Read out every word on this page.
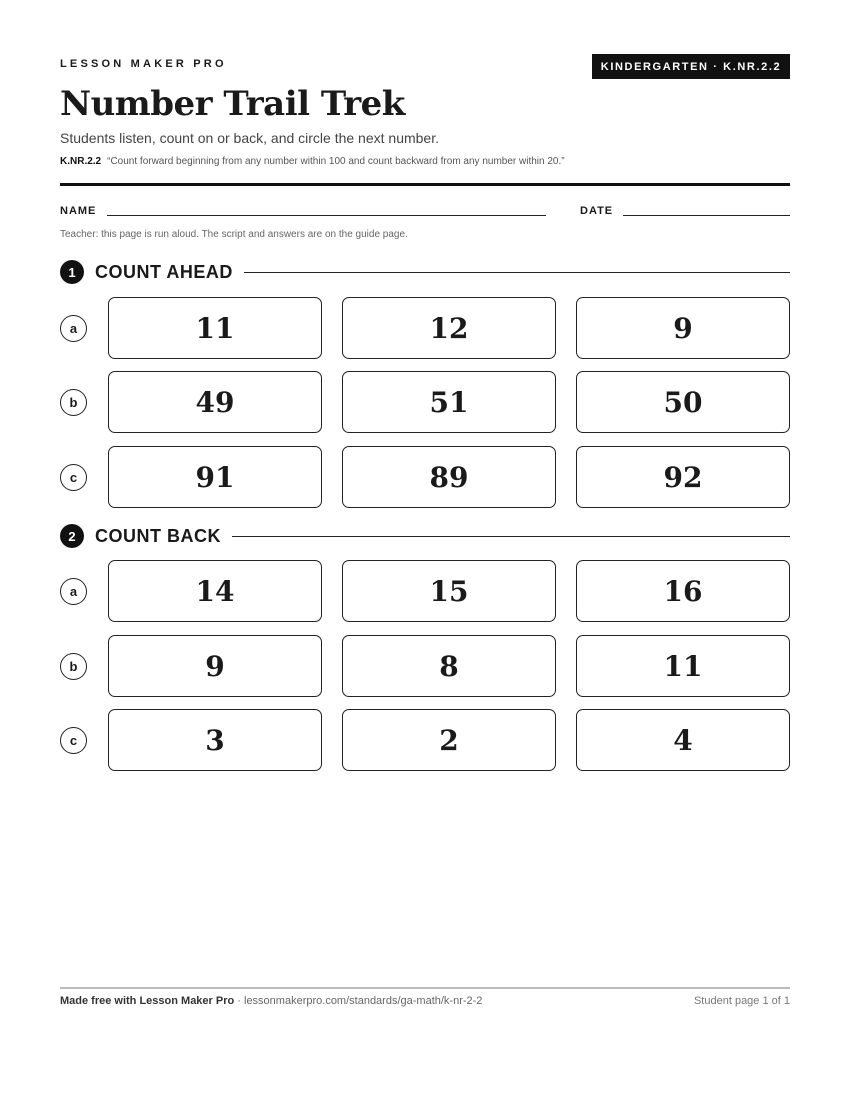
LESSON MAKER PRO	KINDERGARTEN · K.NR.2.2
Number Trail Trek
Students listen, count on or back, and circle the next number.
K.NR.2.2 “Count forward beginning from any number within 100 and count backward from any number within 20.”
NAME	DATE
Teacher: this page is run aloud. The script and answers are on the guide page.
1	COUNT AHEAD
a	11	12	9
b	49	51	50
c	91	89	92
2	COUNT BACK
a	14	15	16
b	9	8	11
c	3	2	4
Made free with Lesson Maker Pro · lessonmakerpro.com/standards/ga-math/k-nr-2-2	Student page 1 of 1
